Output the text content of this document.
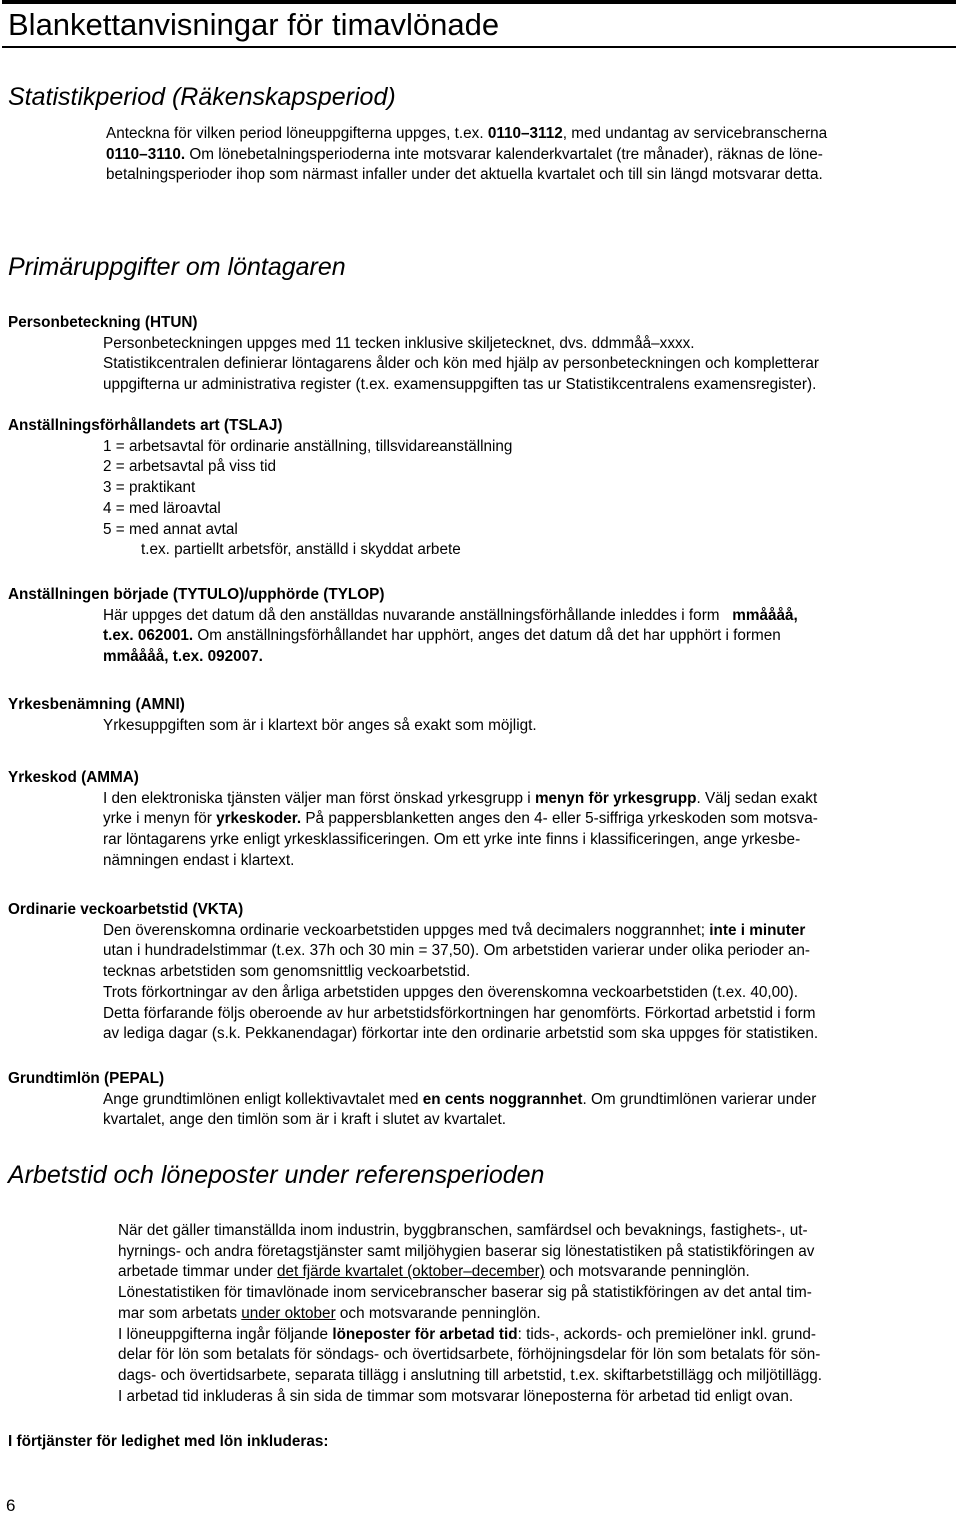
Blankettanvisningar för timavlönade
Statistikperiod (Räkenskapsperiod)

Anteckna för vilken period löneuppgifterna uppges, t.ex. 0110–3112, med undantag av servicebranscherna

0110–3110. Om lönebetalningsperioderna inte motsvarar kalenderkvartalet (tre månader), räknas de löne-

betalningsperioder ihop som närmast infaller under det aktuella kvartalet och till sin längd motsvarar detta.

Primäruppgifter om löntagaren

Personbeteckning (HTUN)

Personbeteckningen uppges med 11 tecken inklusive skiljetecknet, dvs. ddmmåå–xxxx.

Statistikcentralen definierar löntagarens ålder och kön med hjälp av personbeteckningen och kompletterar

uppgifterna ur administrativa register (t.ex. examensuppgiften tas ur Statistikcentralens examensregister).

Anställningsförhållandets art (TSLAJ)

1 = arbetsavtal för ordinarie anställning, tillsvidareanställning

2 = arbetsavtal på viss tid

3 = praktikant

4 = med läroavtal

5 = med annat avtal

t.ex. partiellt arbetsför, anställd i skyddat arbete

Anställningen började (TYTULO)/upphörde (TYLOP)

Här uppges det datum då den anställdas nuvarande anställningsförhållande inleddes i form mmåååå,

t.ex. 062001. Om anställningsförhållandet har upphört, anges det datum då det har upphört i formen

mmåååå, t.ex. 092007.

Yrkesbenämning (AMNI)

Yrkesuppgiften som är i klartext bör anges så exakt som möjligt.

Yrkeskod (AMMA)

I den elektroniska tjänsten väljer man först önskad yrkesgrupp i menyn för yrkesgrupp. Välj sedan exakt

yrke i menyn för yrkeskoder. På pappersblanketten anges den 4- eller 5-siffriga yrkeskoden som motsva-

rar löntagarens yrke enligt yrkesklassificeringen. Om ett yrke inte finns i klassificeringen, ange yrkesbe-

nämningen endast i klartext.

Ordinarie veckoarbetstid (VKTA)

Den överenskomna ordinarie veckoarbetstiden uppges med två decimalers noggrannhet; inte i minuter

utan i hundradelstimmar (t.ex. 37h och 30 min = 37,50). Om arbetstiden varierar under olika perioder an-

tecknas arbetstiden som genomsnittlig veckoarbetstid.

Trots förkortningar av den årliga arbetstiden uppges den överenskomna veckoarbetstiden (t.ex. 40,00).

Detta förfarande följs oberoende av hur arbetstidsförkortningen har genomförts. Förkortad arbetstid i form

av lediga dagar (s.k. Pekkanendagar) förkortar inte den ordinarie arbetstid som ska uppges för statistiken.

Grundtimlön (PEPAL)

Ange grundtimlönen enligt kollektivavtalet med en cents noggrannhet. Om grundtimlönen varierar under

kvartalet, ange den timlön som är i kraft i slutet av kvartalet.

Arbetstid och löneposter under referensperioden

När det gäller timanställda inom industrin, byggbranschen, samfärdsel och bevaknings, fastighets-, ut-

hyrnings- och andra företagstjänster samt miljöhygien baserar sig lönestatistiken på statistikföringen av

arbetade timmar under det fjärde kvartalet (oktober–december) och motsvarande penninglön.

Lönestatistiken för timavlönade inom servicebranscher baserar sig på statistikföringen av det antal tim-

mar som arbetats under oktober och motsvarande penninglön.

I löneuppgifterna ingår följande löneposter för arbetad tid: tids-, ackords- och premielöner inkl. grund-

delar för lön som betalats för söndags- och övertidsarbete, förhöjningsdelar för lön som betalats för sön-

dags- och övertidsarbete, separata tillägg i anslutning till arbetstid, t.ex. skiftarbetstillägg och miljötillägg.

I arbetad tid inkluderas å sin sida de timmar som motsvarar löneposterna för arbetad tid enligt ovan.

I förtjänster för ledighet med lön inkluderas:
6
